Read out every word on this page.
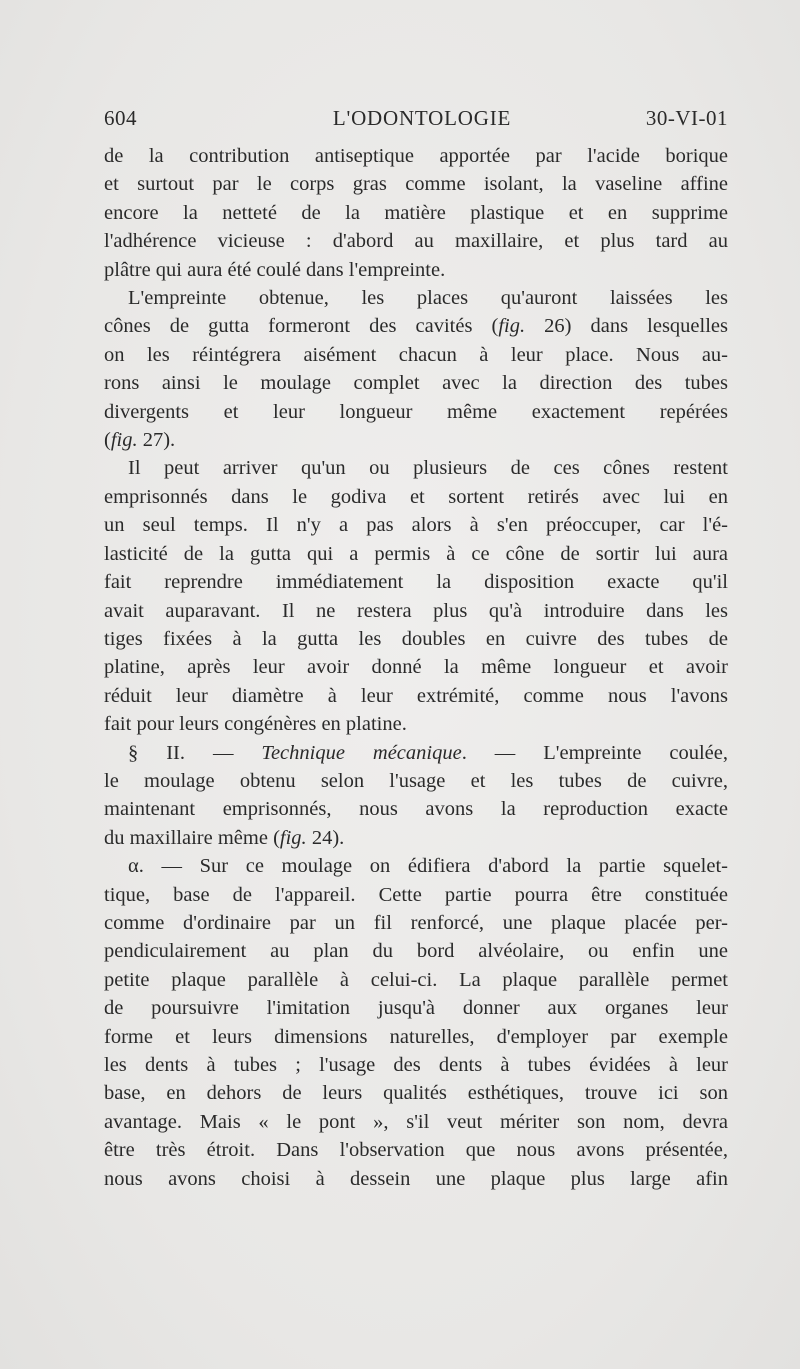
604	L'ODONTOLOGIE	30-VI-01
de la contribution antiseptique apportée par l'acide borique
et surtout par le corps gras comme isolant, la vaseline affine
encore la netteté de la matière plastique et en supprime
l'adhérence vicieuse : d'abord au maxillaire, et plus tard au
plâtre qui aura été coulé dans l'empreinte.
L'empreinte obtenue, les places qu'auront laissées les
cônes de gutta formeront des cavités (fig. 26) dans lesquelles
on les réintégrera aisément chacun à leur place. Nous au-
rons ainsi le moulage complet avec la direction des tubes
divergents et leur longueur même exactement repérées
(fig. 27).
Il peut arriver qu'un ou plusieurs de ces cônes restent
emprisonnés dans le godiva et sortent retirés avec lui en
un seul temps. Il n'y a pas alors à s'en préoccuper, car l'é-
lasticité de la gutta qui a permis à ce cône de sortir lui aura
fait reprendre immédiatement la disposition exacte qu'il
avait auparavant. Il ne restera plus qu'à introduire dans les
tiges fixées à la gutta les doubles en cuivre des tubes de
platine, après leur avoir donné la même longueur et avoir
réduit leur diamètre à leur extrémité, comme nous l'avons
fait pour leurs congénères en platine.
§ II. — Technique mécanique. — L'empreinte coulée,
le moulage obtenu selon l'usage et les tubes de cuivre,
maintenant emprisonnés, nous avons la reproduction exacte
du maxillaire même (fig. 24).
α. — Sur ce moulage on édifiera d'abord la partie squelet-
tique, base de l'appareil. Cette partie pourra être constituée
comme d'ordinaire par un fil renforcé, une plaque placée per-
pendiculairement au plan du bord alvéolaire, ou enfin une
petite plaque parallèle à celui-ci. La plaque parallèle permet
de poursuivre l'imitation jusqu'à donner aux organes leur
forme et leurs dimensions naturelles, d'employer par exemple
les dents à tubes ; l'usage des dents à tubes évidées à leur
base, en dehors de leurs qualités esthétiques, trouve ici son
avantage. Mais « le pont », s'il veut mériter son nom, devra
être très étroit. Dans l'observation que nous avons présentée,
nous avons choisi à dessein une plaque plus large afin
